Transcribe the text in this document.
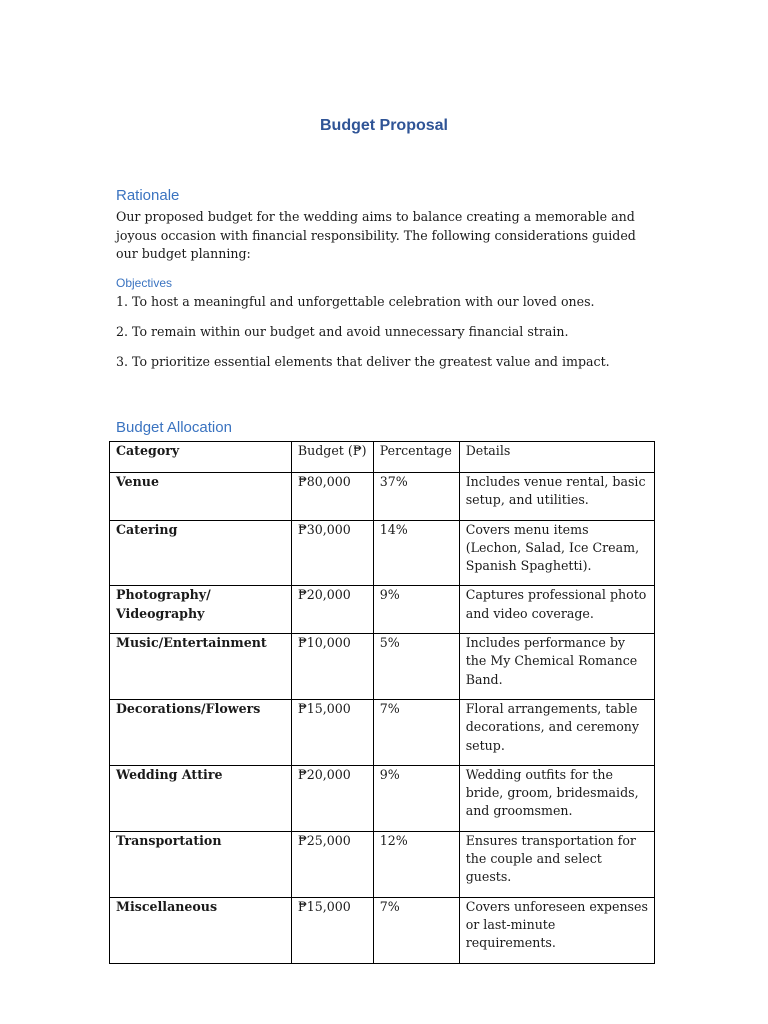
Budget Proposal
Rationale
Our proposed budget for the wedding aims to balance creating a memorable and joyous occasion with financial responsibility. The following considerations guided our budget planning:
Objectives
1. To host a meaningful and unforgettable celebration with our loved ones.
2. To remain within our budget and avoid unnecessary financial strain.
3. To prioritize essential elements that deliver the greatest value and impact.
Budget Allocation
Category	Budget (₱)	Percentage	Details
Venue	₱80,000	37%	Includes venue rental, basic setup, and utilities.
Catering	₱30,000	14%	Covers menu items (Lechon, Salad, Ice Cream, Spanish Spaghetti).
Photography/ Videography	₱20,000	9%	Captures professional photo and video coverage.
Music/Entertainment	₱10,000	5%	Includes performance by the My Chemical Romance Band.
Decorations/Flowers	₱15,000	7%	Floral arrangements, table decorations, and ceremony setup.
Wedding Attire	₱20,000	9%	Wedding outfits for the bride, groom, bridesmaids, and groomsmen.
Transportation	₱25,000	12%	Ensures transportation for the couple and select guests.
Miscellaneous	₱15,000	7%	Covers unforeseen expenses or last-minute requirements.
